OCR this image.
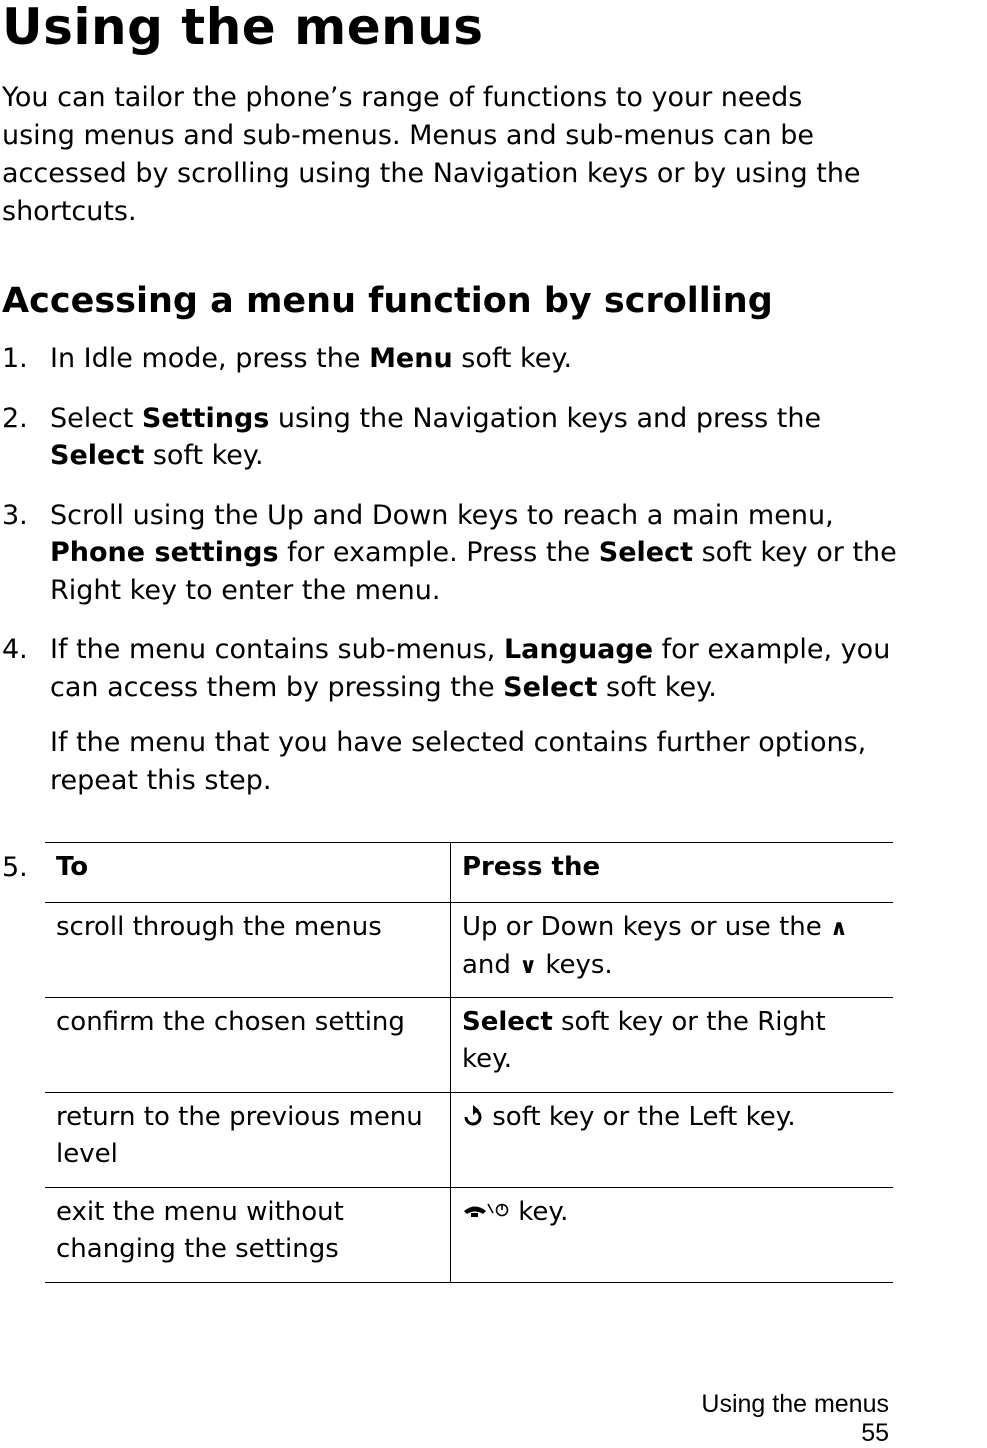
Using the menus

You can tailor the phone’s range of functions to your needs using menus and sub-menus. Menus and sub-menus can be accessed by scrolling using the Navigation keys or by using the shortcuts.

Accessing a menu function by scrolling
1. In Idle mode, press the Menu soft key.

2. Select Settings using the Navigation keys and press the Select soft key.

3. Scroll using the Up and Down keys to reach a main menu, Phone settings for example. Press the Select soft key or the Right key to enter the menu.

4. If the menu contains sub-menus, Language for example, you can access them by pressing the Select soft key.

If the menu that you have selected contains further options, repeat this step.

5. To	Press the
scroll through the menus	Up or Down keys or use the ∧ and ∨ keys.
confirm the chosen setting	Select soft key or the Right key.
return to the previous menu level	soft key or the Left key.
exit the menu without changing the settings	key.
Using the menus
55
